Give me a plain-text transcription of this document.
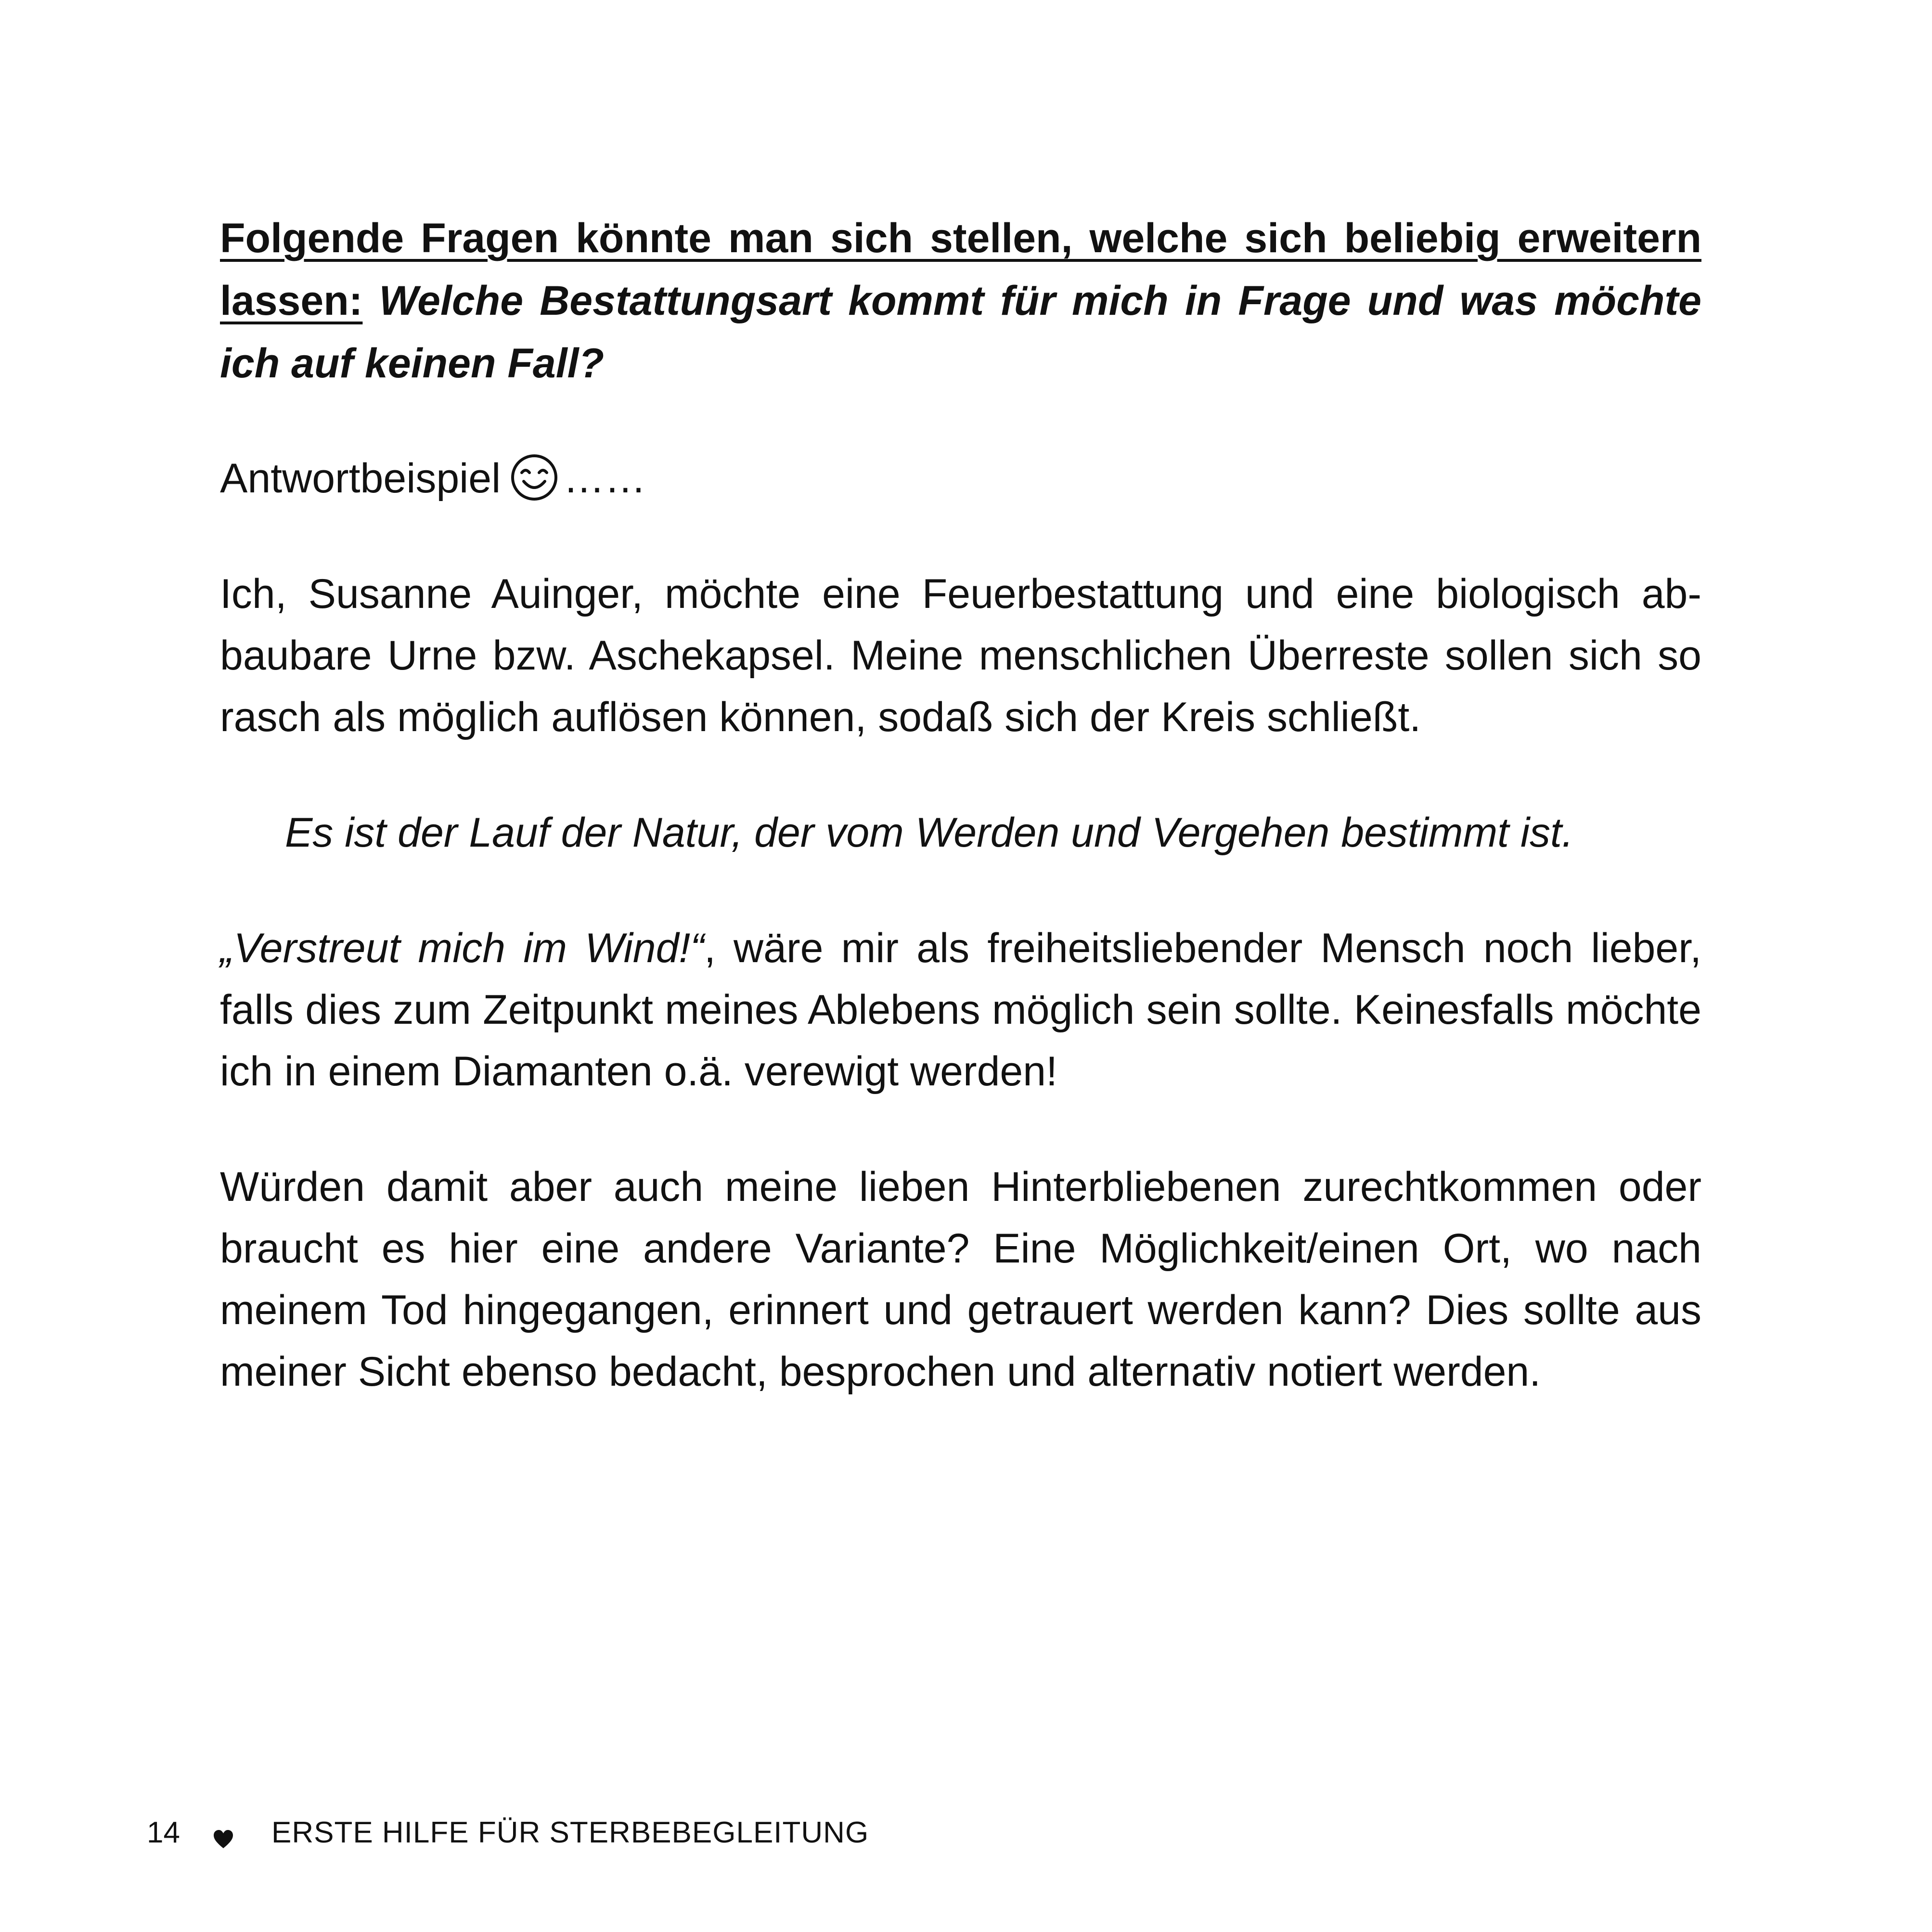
Folgende Fragen könnte man sich stellen, welche sich beliebig erweitern lassen: Welche Bestattungsart kommt für mich in Frage und was möchte ich auf keinen Fall?

Antwortbeispiel ……

Ich, Susanne Auinger, möchte eine Feuerbestattung und eine biologisch abbaubare Urne bzw. Aschekapsel. Meine menschlichen Überreste sollen sich so rasch als möglich auflösen können, sodaß sich der Kreis schließt.

Es ist der Lauf der Natur, der vom Werden und Vergehen bestimmt ist.

„Verstreut mich im Wind!“, wäre mir als freiheitsliebender Mensch noch lieber, falls dies zum Zeitpunkt meines Ablebens möglich sein sollte. Keinesfalls möchte ich in einem Diamanten o.ä. verewigt werden!

Würden damit aber auch meine lieben Hinterbliebenen zurechtkommen oder braucht es hier eine andere Variante? Eine Möglichkeit/einen Ort, wo nach meinem Tod hingegangen, erinnert und getrauert werden kann? Dies sollte aus meiner Sicht ebenso bedacht, besprochen und alternativ notiert werden.

14	ERSTE HILFE FÜR STERBEBEGLEITUNG
